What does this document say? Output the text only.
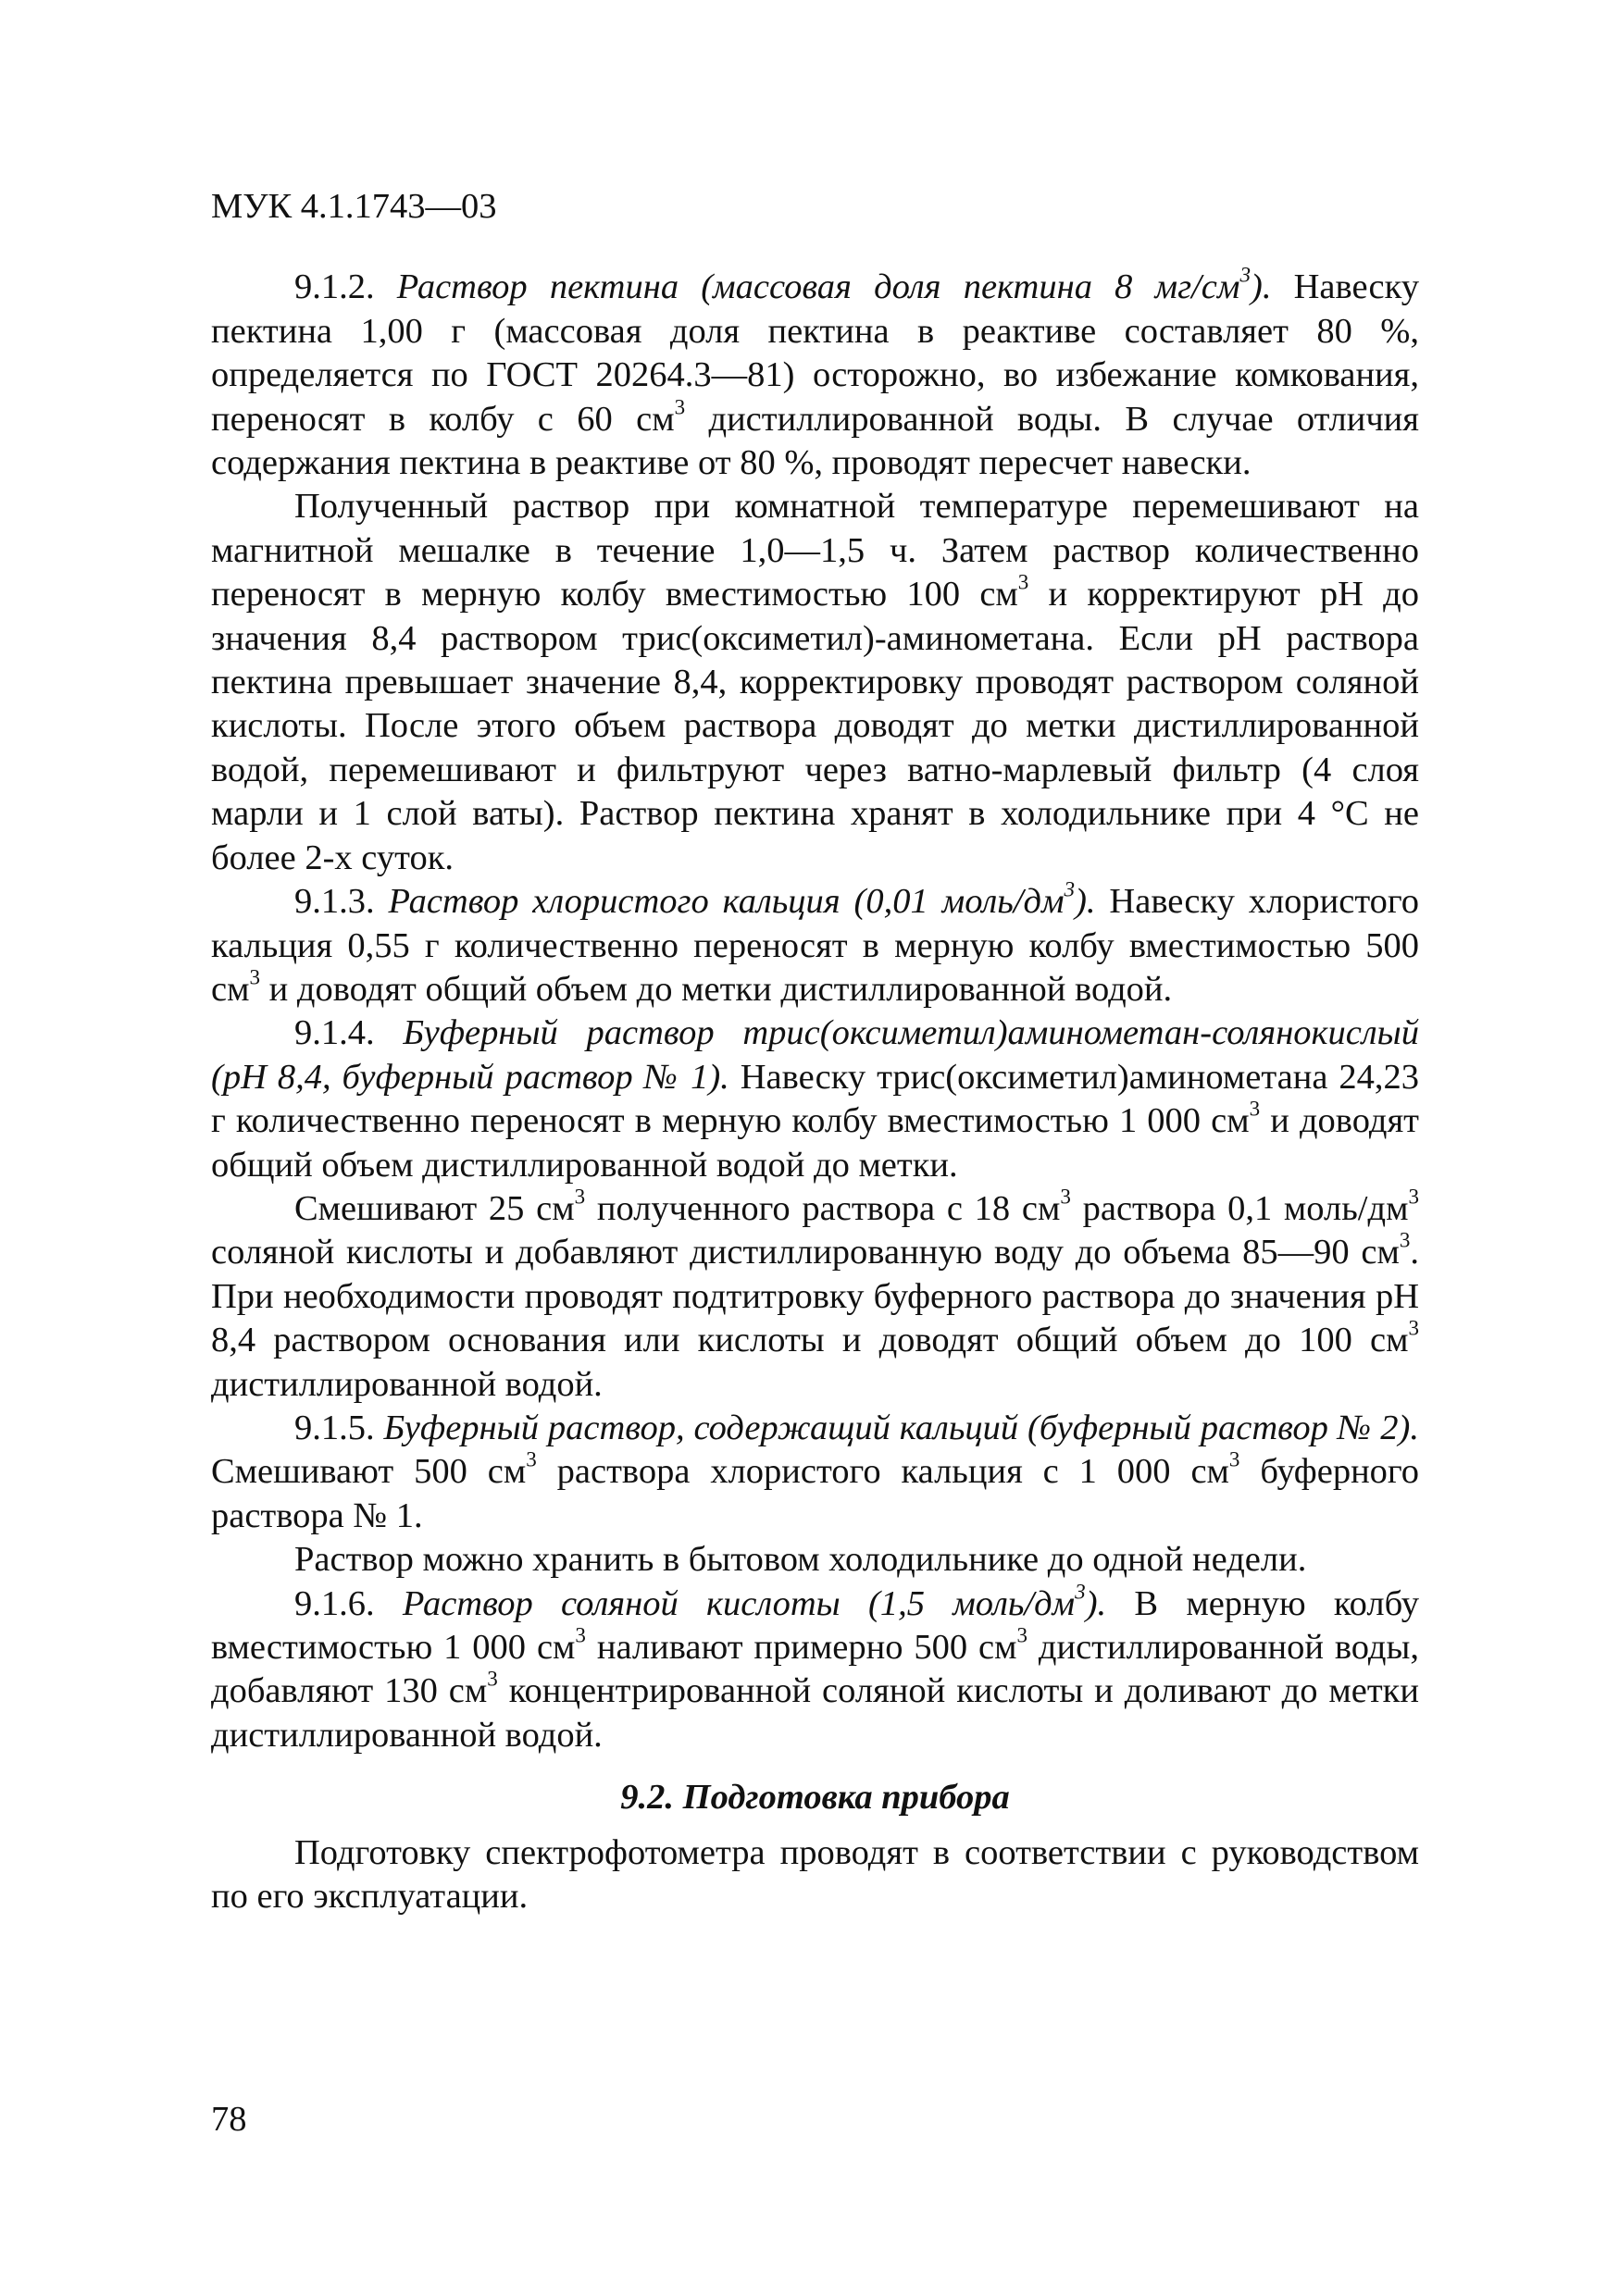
МУК 4.1.1743—03

9.1.2. Раствор пектина (массовая доля пектина 8 $мг/см^3$). Навеску пектина 1,00 г (массовая доля пектина в реактиве составляет 80 %, определяется по ГОСТ 20264.3—81) осторожно, во избежание комкования, переносят в колбу с 60 $см^3$ дистиллированной воды. В случае отличия содержания пектина в реактиве от 80 %, проводят пересчет навески.

Полученный раствор при комнатной температуре перемешивают на магнитной мешалке в течение 1,0—1,5 ч. Затем раствор количественно переносят в мерную колбу вместимостью 100 $см^3$ и корректируют рН до значения 8,4 раствором трис(оксиметил)-аминометана. Если рН раствора пектина превышает значение 8,4, корректировку проводят раствором соляной кислоты. После этого объем раствора доводят до метки дистиллированной водой, перемешивают и фильтруют через ватно-марлевый фильтр (4 слоя марли и 1 слой ваты). Раствор пектина хранят в холодильнике при 4 °С не более 2-х суток.

9.1.3. Раствор хлористого кальция (0,01 моль/$дм^3$). Навеску хлористого кальция 0,55 г количественно переносят в мерную колбу вместимостью 500 $см^3$ и доводят общий объем до метки дистиллированной водой.

9.1.4. Буферный раствор трис(оксиметил)аминометан-солянокислый (рН 8,4, буферный раствор № 1). Навеску трис(оксиметил)аминометана 24,23 г количественно переносят в мерную колбу вместимостью 1 000 $см^3$ и доводят общий объем дистиллированной водой до метки.

Смешивают 25 $см^3$ полученного раствора с 18 $см^3$ раствора 0,1 моль/$дм^3$ соляной кислоты и добавляют дистиллированную воду до объема 85—90 $см^3$. При необходимости проводят подтитровку буферного раствора до значения рН 8,4 раствором основания или кислоты и доводят общий объем до 100 $см^3$ дистиллированной водой.

9.1.5. Буферный раствор, содержащий кальций (буферный раствор № 2). Смешивают 500 $см^3$ раствора хлористого кальция с 1 000 $см^3$ буферного раствора № 1.

Раствор можно хранить в бытовом холодильнике до одной недели.

9.1.6. Раствор соляной кислоты (1,5 моль/$дм^3$). В мерную колбу вместимостью 1 000 $см^3$ наливают примерно 500 $см^3$ дистиллированной воды, добавляют 130 $см^3$ концентрированной соляной кислоты и доливают до метки дистиллированной водой.

9.2. Подготовка прибора

Подготовку спектрофотометра проводят в соответствии с руководством по его эксплуатации.

78
